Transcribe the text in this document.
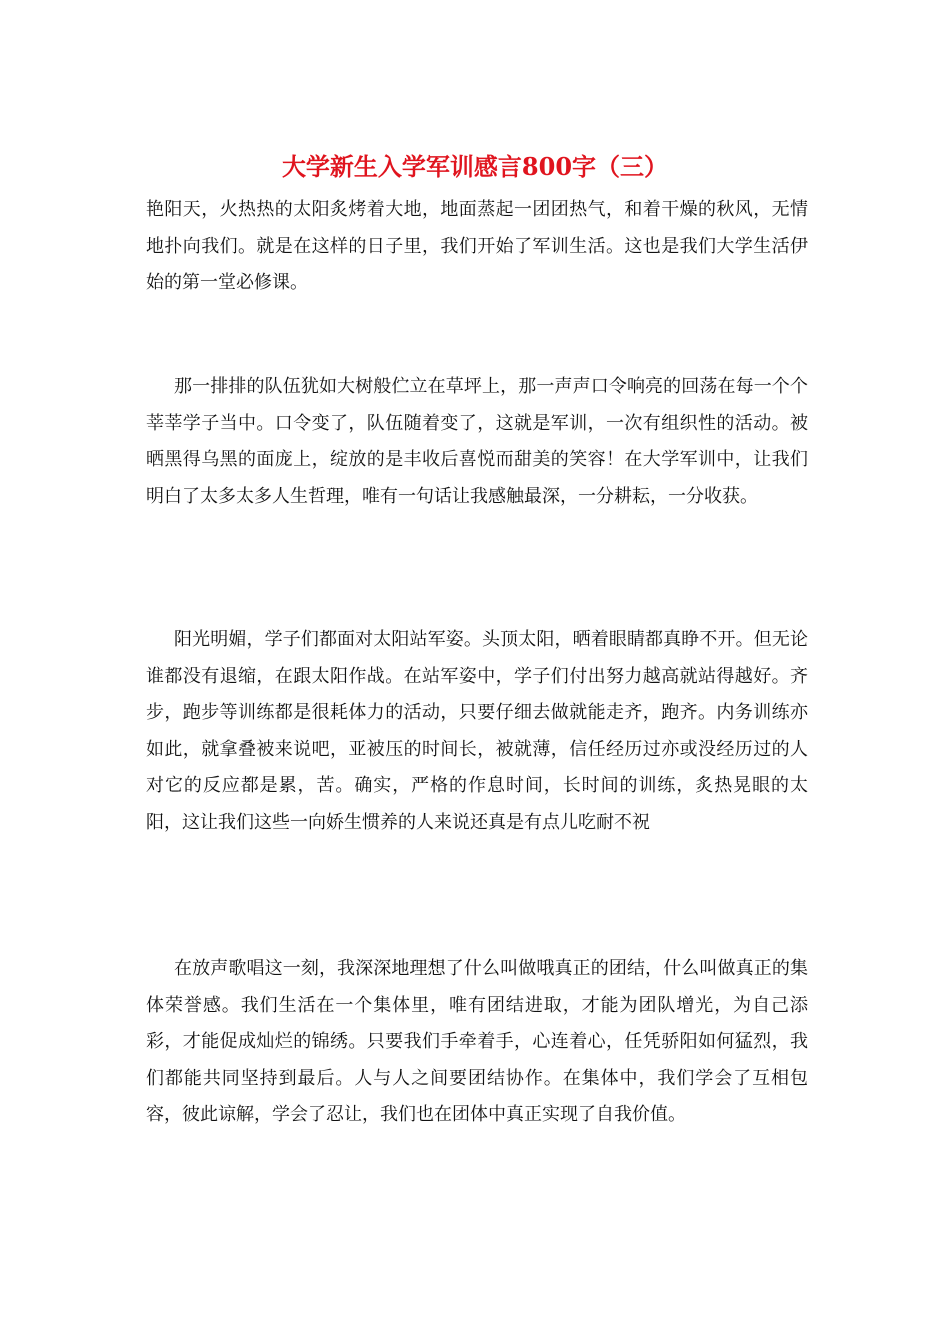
大学新生入学军训感言800字（三）

艳阳天，火热热的太阳炙烤着大地，地面蒸起一团团热气，和着干燥的秋风，无情地扑向我们。就是在这样的日子里，我们开始了军训生活。这也是我们大学生活伊始的第一堂必修课。

那一排排的队伍犹如大树般伫立在草坪上，那一声声口令响亮的回荡在每一个个莘莘学子当中。口令变了，队伍随着变了，这就是军训，一次有组织性的活动。被晒黑得乌黑的面庞上，绽放的是丰收后喜悦而甜美的笑容！在大学军训中，让我们明白了太多太多人生哲理，唯有一句话让我感触最深，一分耕耘，一分收获。

阳光明媚，学子们都面对太阳站军姿。头顶太阳，晒着眼睛都真睁不开。但无论谁都没有退缩，在跟太阳作战。在站军姿中，学子们付出努力越高就站得越好。齐步，跑步等训练都是很耗体力的活动，只要仔细去做就能走齐，跑齐。内务训练亦如此，就拿叠被来说吧，亚被压的时间长，被就薄，信任经历过亦或没经历过的人对它的反应都是累，苦。确实，严格的作息时间，长时间的训练，炙热晃眼的太阳，这让我们这些一向娇生惯养的人来说还真是有点儿吃耐不祝

在放声歌唱这一刻，我深深地理想了什么叫做哦真正的团结，什么叫做真正的集体荣誉感。我们生活在一个集体里，唯有团结进取，才能为团队增光，为自己添彩，才能促成灿烂的锦绣。只要我们手牵着手，心连着心，任凭骄阳如何猛烈，我们都能共同坚持到最后。人与人之间要团结协作。在集体中，我们学会了互相包容，彼此谅解，学会了忍让，我们也在团体中真正实现了自我价值。
